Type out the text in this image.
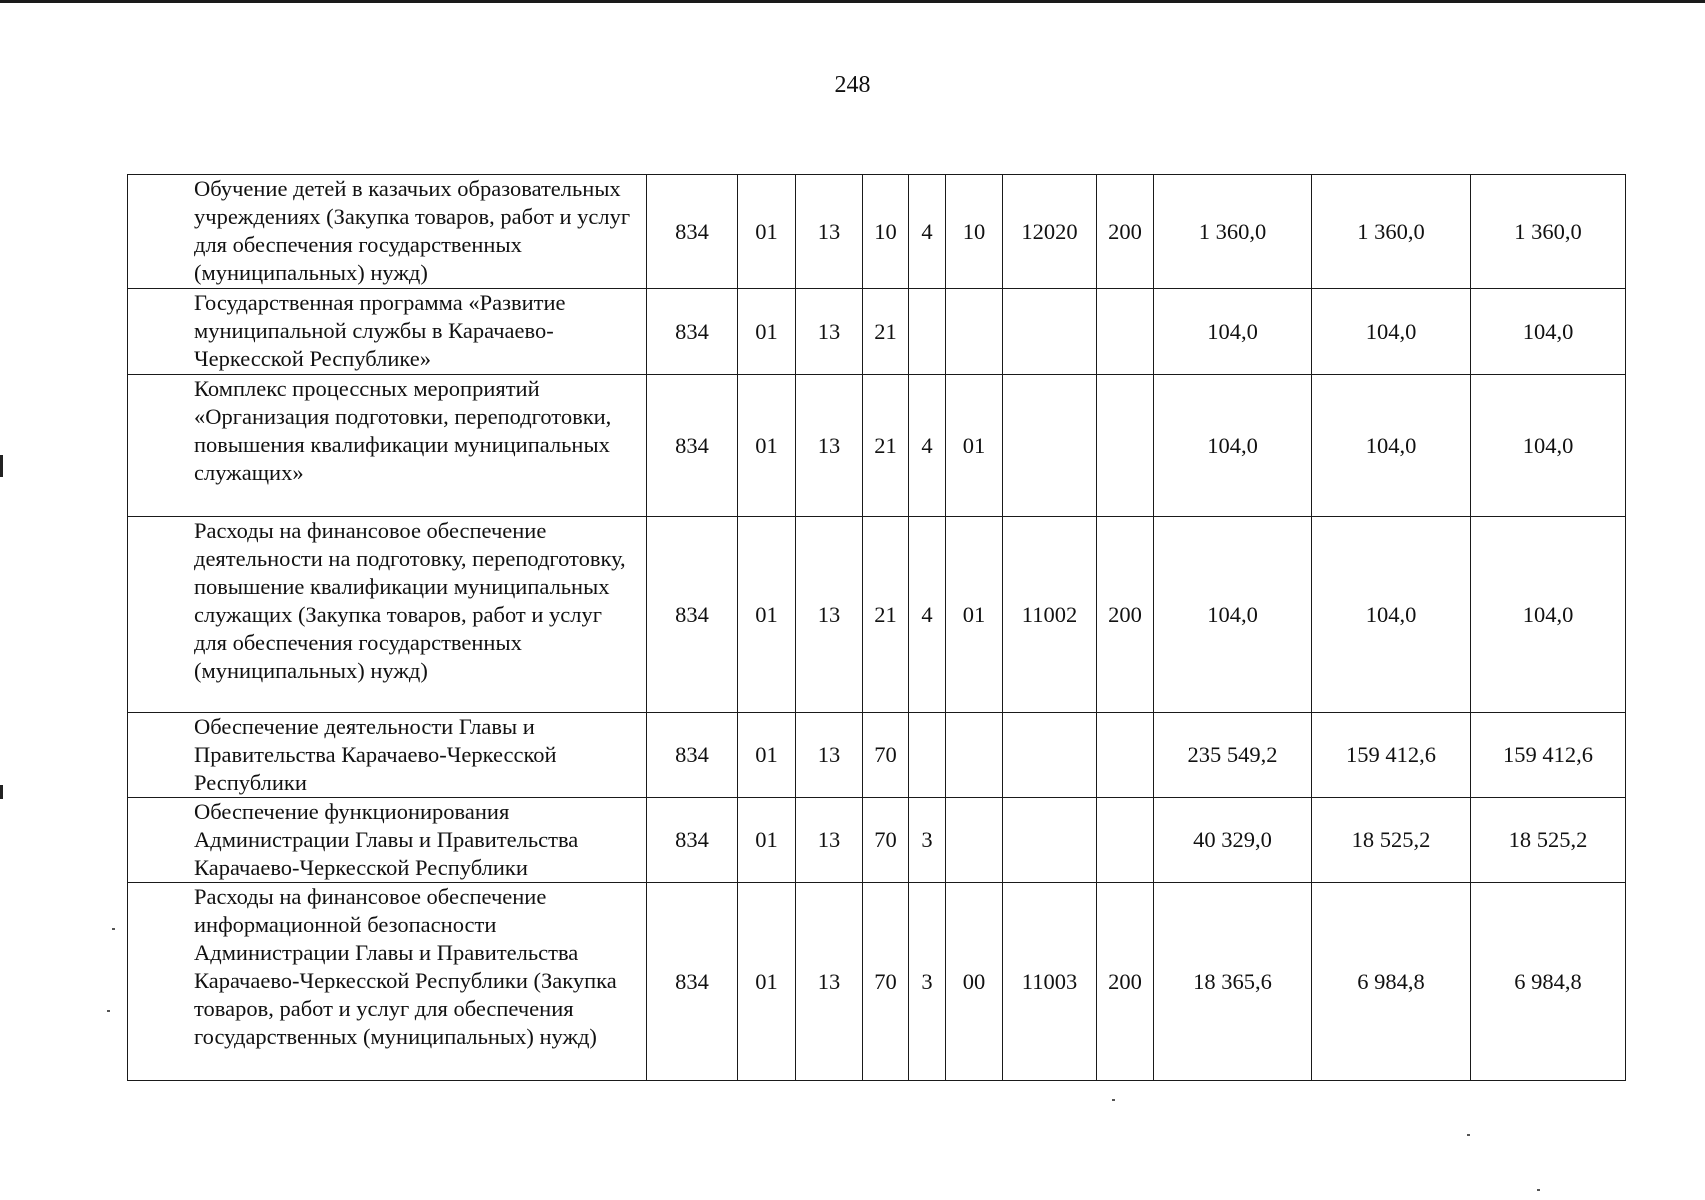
248
Обучение детей в казачьих образовательных учреждениях (Закупка товаров, работ и услуг для обеспечения государственных (муниципальных) нужд)	834	01	13	10	4	10	12020	200	1 360,0	1 360,0	1 360,0
Государственная программа «Развитие муниципальной службы в Карачаево-Черкесской Республике»	834	01	13	21					104,0	104,0	104,0
Комплекс процессных мероприятий «Организация подготовки, переподготовки, повышения квалификации муниципальных служащих»	834	01	13	21	4	01			104,0	104,0	104,0
Расходы на финансовое обеспечение деятельности на подготовку, переподготовку, повышение квалификации муниципальных служащих (Закупка товаров, работ и услуг для обеспечения государственных (муниципальных) нужд)	834	01	13	21	4	01	11002	200	104,0	104,0	104,0
Обеспечение деятельности Главы и Правительства Карачаево-Черкесской Республики	834	01	13	70					235 549,2	159 412,6	159 412,6
Обеспечение функционирования Администрации Главы и Правительства Карачаево-Черкесской Республики	834	01	13	70	3				40 329,0	18 525,2	18 525,2
Расходы на финансовое обеспечение информационной безопасности Администрации Главы и Правительства Карачаево-Черкесской Республики (Закупка товаров, работ и услуг для обеспечения государственных (муниципальных) нужд)	834	01	13	70	3	00	11003	200	18 365,6	6 984,8	6 984,8
